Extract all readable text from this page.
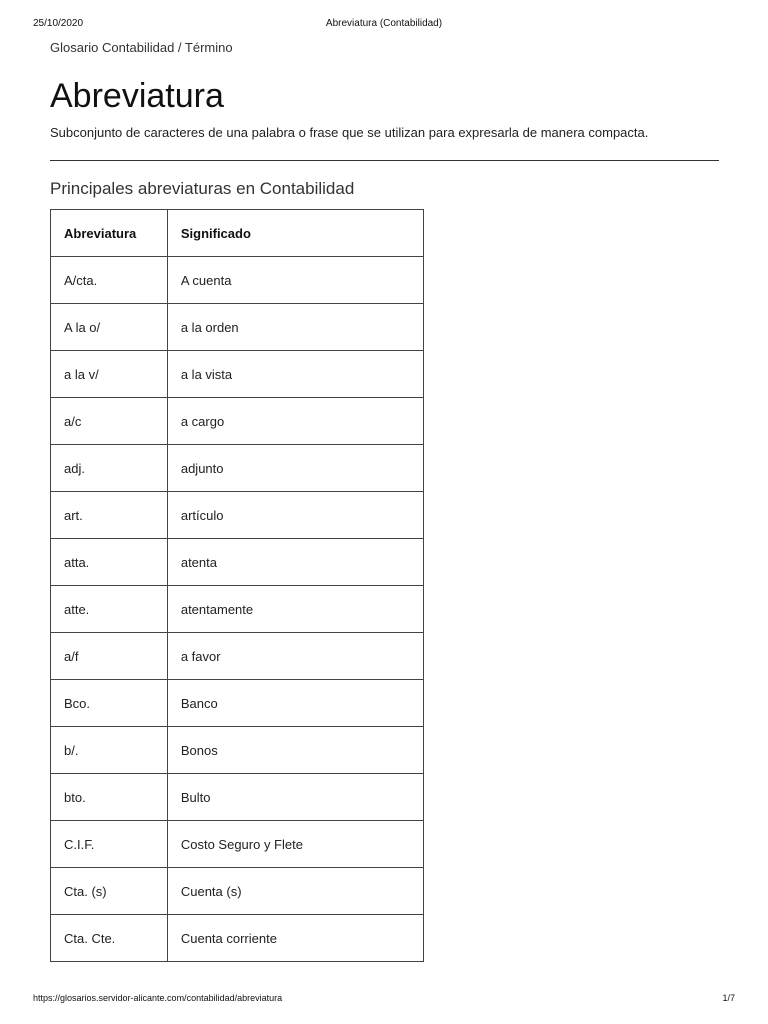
25/10/2020	Abreviatura (Contabilidad)

Glosario Contabilidad / Término

Abreviatura

Subconjunto de caracteres de una palabra o frase que se utilizan para expresarla de manera compacta.

Principales abreviaturas en Contabilidad
Abreviatura	Significado
A/cta.	A cuenta
A la o/	a la orden
a la v/	a la vista
a/c	a cargo
adj.	adjunto
art.	artículo
atta.	atenta
atte.	atentamente
a/f	a favor
Bco.	Banco
b/.	Bonos
bto.	Bulto
C.I.F.	Costo Seguro y Flete
Cta. (s)	Cuenta (s)
Cta. Cte.	Cuenta corriente
https://glosarios.servidor-alicante.com/contabilidad/abreviatura	1/7
